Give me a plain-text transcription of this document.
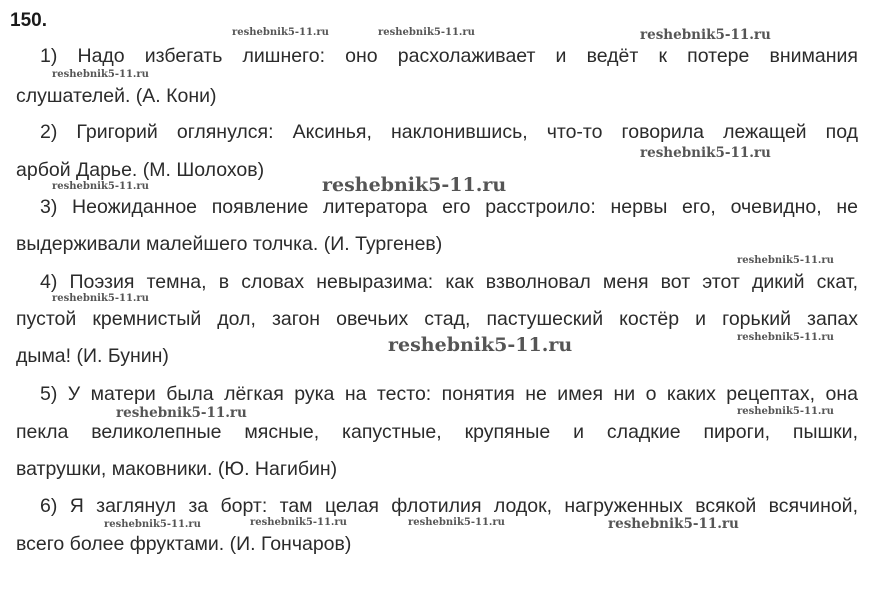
150.
1) Надо избегать лишнего: оно расхолаживает и ведёт к потере внимания
слушателей. (А. Кони)
2) Григорий оглянулся: Аксинья, наклонившись, что-то говорила лежащей под
арбой Дарье. (М. Шолохов)
3) Неожиданное появление литератора его расстроило: нервы его, очевидно, не
выдерживали малейшего толчка. (И. Тургенев)
4) Поэзия темна, в словах невыразима: как взволновал меня вот этот дикий скат,
пустой кремнистый дол, загон овечьих стад, пастушеский костёр и горький запах
дыма! (И. Бунин)
5) У матери была лёгкая рука на тесто: понятия не имея ни о каких рецептах, она
пекла великолепные мясные, капустные, крупяные и сладкие пироги, пышки,
ватрушки, маковники. (Ю. Нагибин)
6) Я заглянул за борт: там целая флотилия лодок, нагруженных всякой всячиной,
всего более фруктами. (И. Гончаров)
reshebnik5-11.ru	reshebnik5-11.ru	reshebnik5-11.ru
reshebnik5-11.ru
reshebnik5-11.ru
reshebnik5-11.ru	reshebnik5-11.ru
reshebnik5-11.ru
reshebnik5-11.ru
reshebnik5-11.ru
reshebnik5-11.ru
reshebnik5-11.ru	reshebnik5-11.ru
reshebnik5-11.ru	reshebnik5-11.ru	reshebnik5-11.ru	reshebnik5-11.ru
